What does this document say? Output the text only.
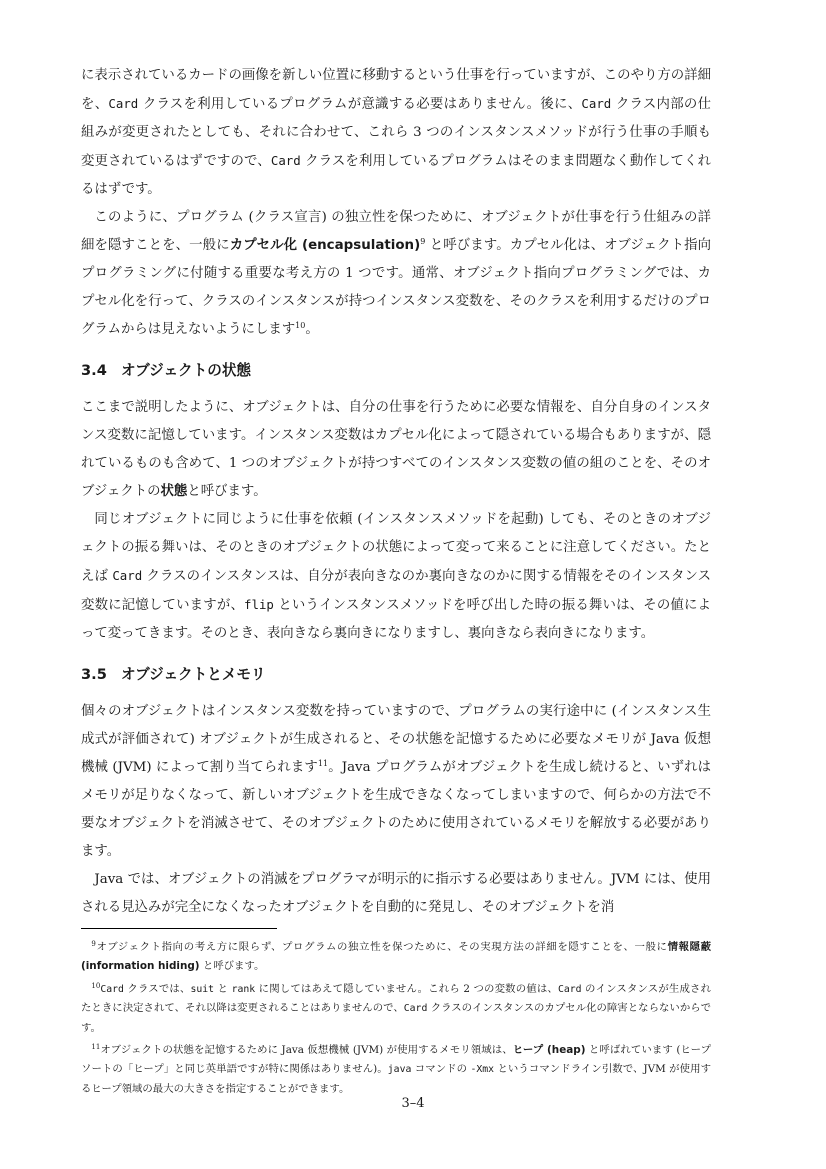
に表示されているカードの画像を新しい位置に移動するという仕事を行っていますが、このやり方の詳細を、Card クラスを利用しているプログラムが意識する必要はありません。後に、Card クラス内部の仕組みが変更されたとしても、それに合わせて、これら 3 つのインスタンスメソッドが行う仕事の手順も変更されているはずですので、Card クラスを利用しているプログラムはそのまま問題なく動作してくれるはずです。

このように、プログラム (クラス宣言) の独立性を保つために、オブジェクトが仕事を行う仕組みの詳細を隠すことを、一般にカプセル化 (encapsulation)$^9$ と呼びます。カプセル化は、オブジェクト指向プログラミングに付随する重要な考え方の 1 つです。通常、オブジェクト指向プログラミングでは、カプセル化を行って、クラスのインスタンスが持つインスタンス変数を、そのクラスを利用するだけのプログラムからは見えないようにします$^{10}$。

3.4 オブジェクトの状態

ここまで説明したように、オブジェクトは、自分の仕事を行うために必要な情報を、自分自身のインスタンス変数に記憶しています。インスタンス変数はカプセル化によって隠されている場合もありますが、隠れているものも含めて、1 つのオブジェクトが持つすべてのインスタンス変数の値の組のことを、そのオブジェクトの状態と呼びます。

同じオブジェクトに同じように仕事を依頼 (インスタンスメソッドを起動) しても、そのときのオブジェクトの振る舞いは、そのときのオブジェクトの状態によって変って来ることに注意してください。たとえば Card クラスのインスタンスは、自分が表向きなのか裏向きなのかに関する情報をそのインスタンス変数に記憶していますが、flip というインスタンスメソッドを呼び出した時の振る舞いは、その値によって変ってきます。そのとき、表向きなら裏向きになりますし、裏向きなら表向きになります。

3.5 オブジェクトとメモリ

個々のオブジェクトはインスタンス変数を持っていますので、プログラムの実行途中に (インスタンス生成式が評価されて) オブジェクトが生成されると、その状態を記憶するために必要なメモリが Java 仮想機械 (JVM) によって割り当てられます$^{11}$。Java プログラムがオブジェクトを生成し続けると、いずれはメモリが足りなくなって、新しいオブジェクトを生成できなくなってしまいますので、何らかの方法で不要なオブジェクトを消滅させて、そのオブジェクトのために使用されているメモリを解放する必要があります。

Java では、オブジェクトの消滅をプログラマが明示的に指示する必要はありません。JVM には、使用される見込みが完全になくなったオブジェクトを自動的に発見し、そのオブジェクトを消

$^9$オブジェクト指向の考え方に限らず、プログラムの独立性を保つために、その実現方法の詳細を隠すことを、一般に情報隠蔽 (information hiding) と呼びます。

$^{10}$Card クラスでは、suit と rank に関してはあえて隠していません。これら 2 つの変数の値は、Card のインスタンスが生成されたときに決定されて、それ以降は変更されることはありませんので、Card クラスのインスタンスのカプセル化の障害とならないからです。

$^{11}$オブジェクトの状態を記憶するために Java 仮想機械 (JVM) が使用するメモリ領域は、ヒープ (heap) と呼ばれています (ヒープソートの「ヒープ」と同じ英単語ですが特に関係はありません)。java コマンドの -Xmx というコマンドライン引数で、JVM が使用するヒープ領域の最大の大きさを指定することができます。

3–4
